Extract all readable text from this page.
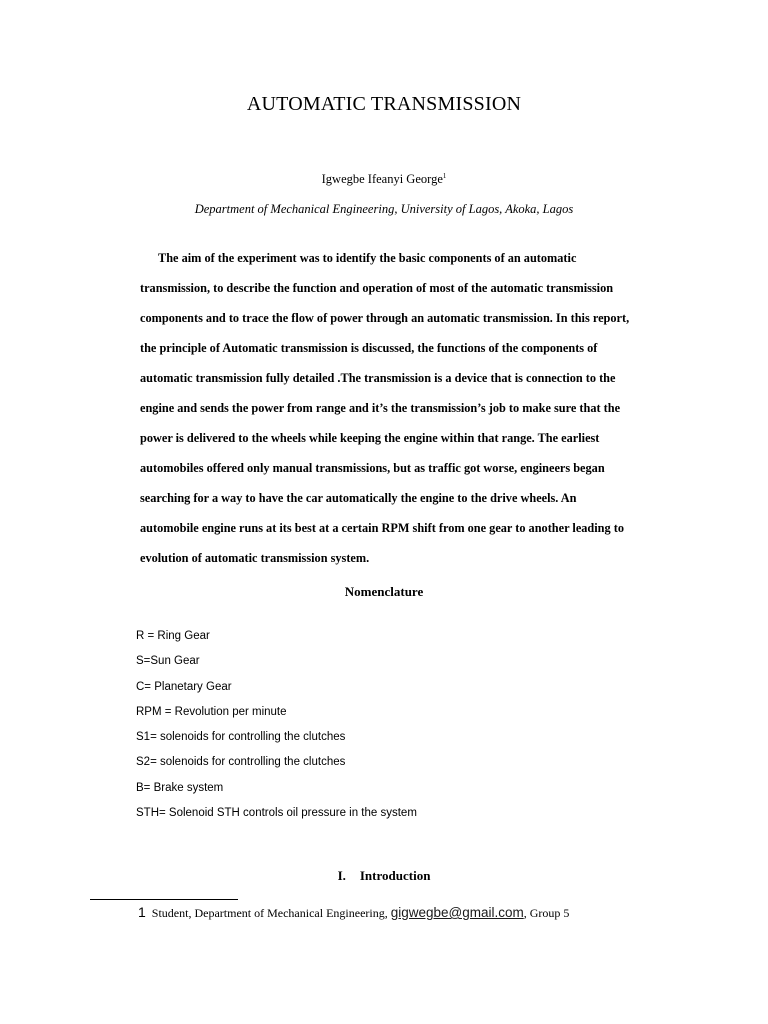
AUTOMATIC TRANSMISSION
Igwegbe Ifeanyi George$^1$
Department of Mechanical Engineering, University of Lagos, Akoka, Lagos

The aim of the experiment was to identify the basic components of an automatic transmission, to describe the function and operation of most of the automatic transmission components and to trace the flow of power through an automatic transmission. In this report, the principle of Automatic transmission is discussed, the functions of the components of automatic transmission fully detailed .The transmission is a device that is connection to the engine and sends the power from range and it’s the transmission’s job to make sure that the power is delivered to the wheels while keeping the engine within that range. The earliest automobiles offered only manual transmissions, but as traffic got worse, engineers began searching for a way to have the car automatically the engine to the drive wheels. An automobile engine runs at its best at a certain RPM shift from one gear to another leading to evolution of automatic transmission system.

Nomenclature
R = Ring Gear
S=Sun Gear
C= Planetary Gear
RPM = Revolution per minute
S1= solenoids for controlling the clutches
S2= solenoids for controlling the clutches
B= Brake system
STH= Solenoid STH controls oil pressure in the system
I. Introduction
1 Student, Department of Mechanical Engineering, gigwegbe@gmail.com, Group 5
